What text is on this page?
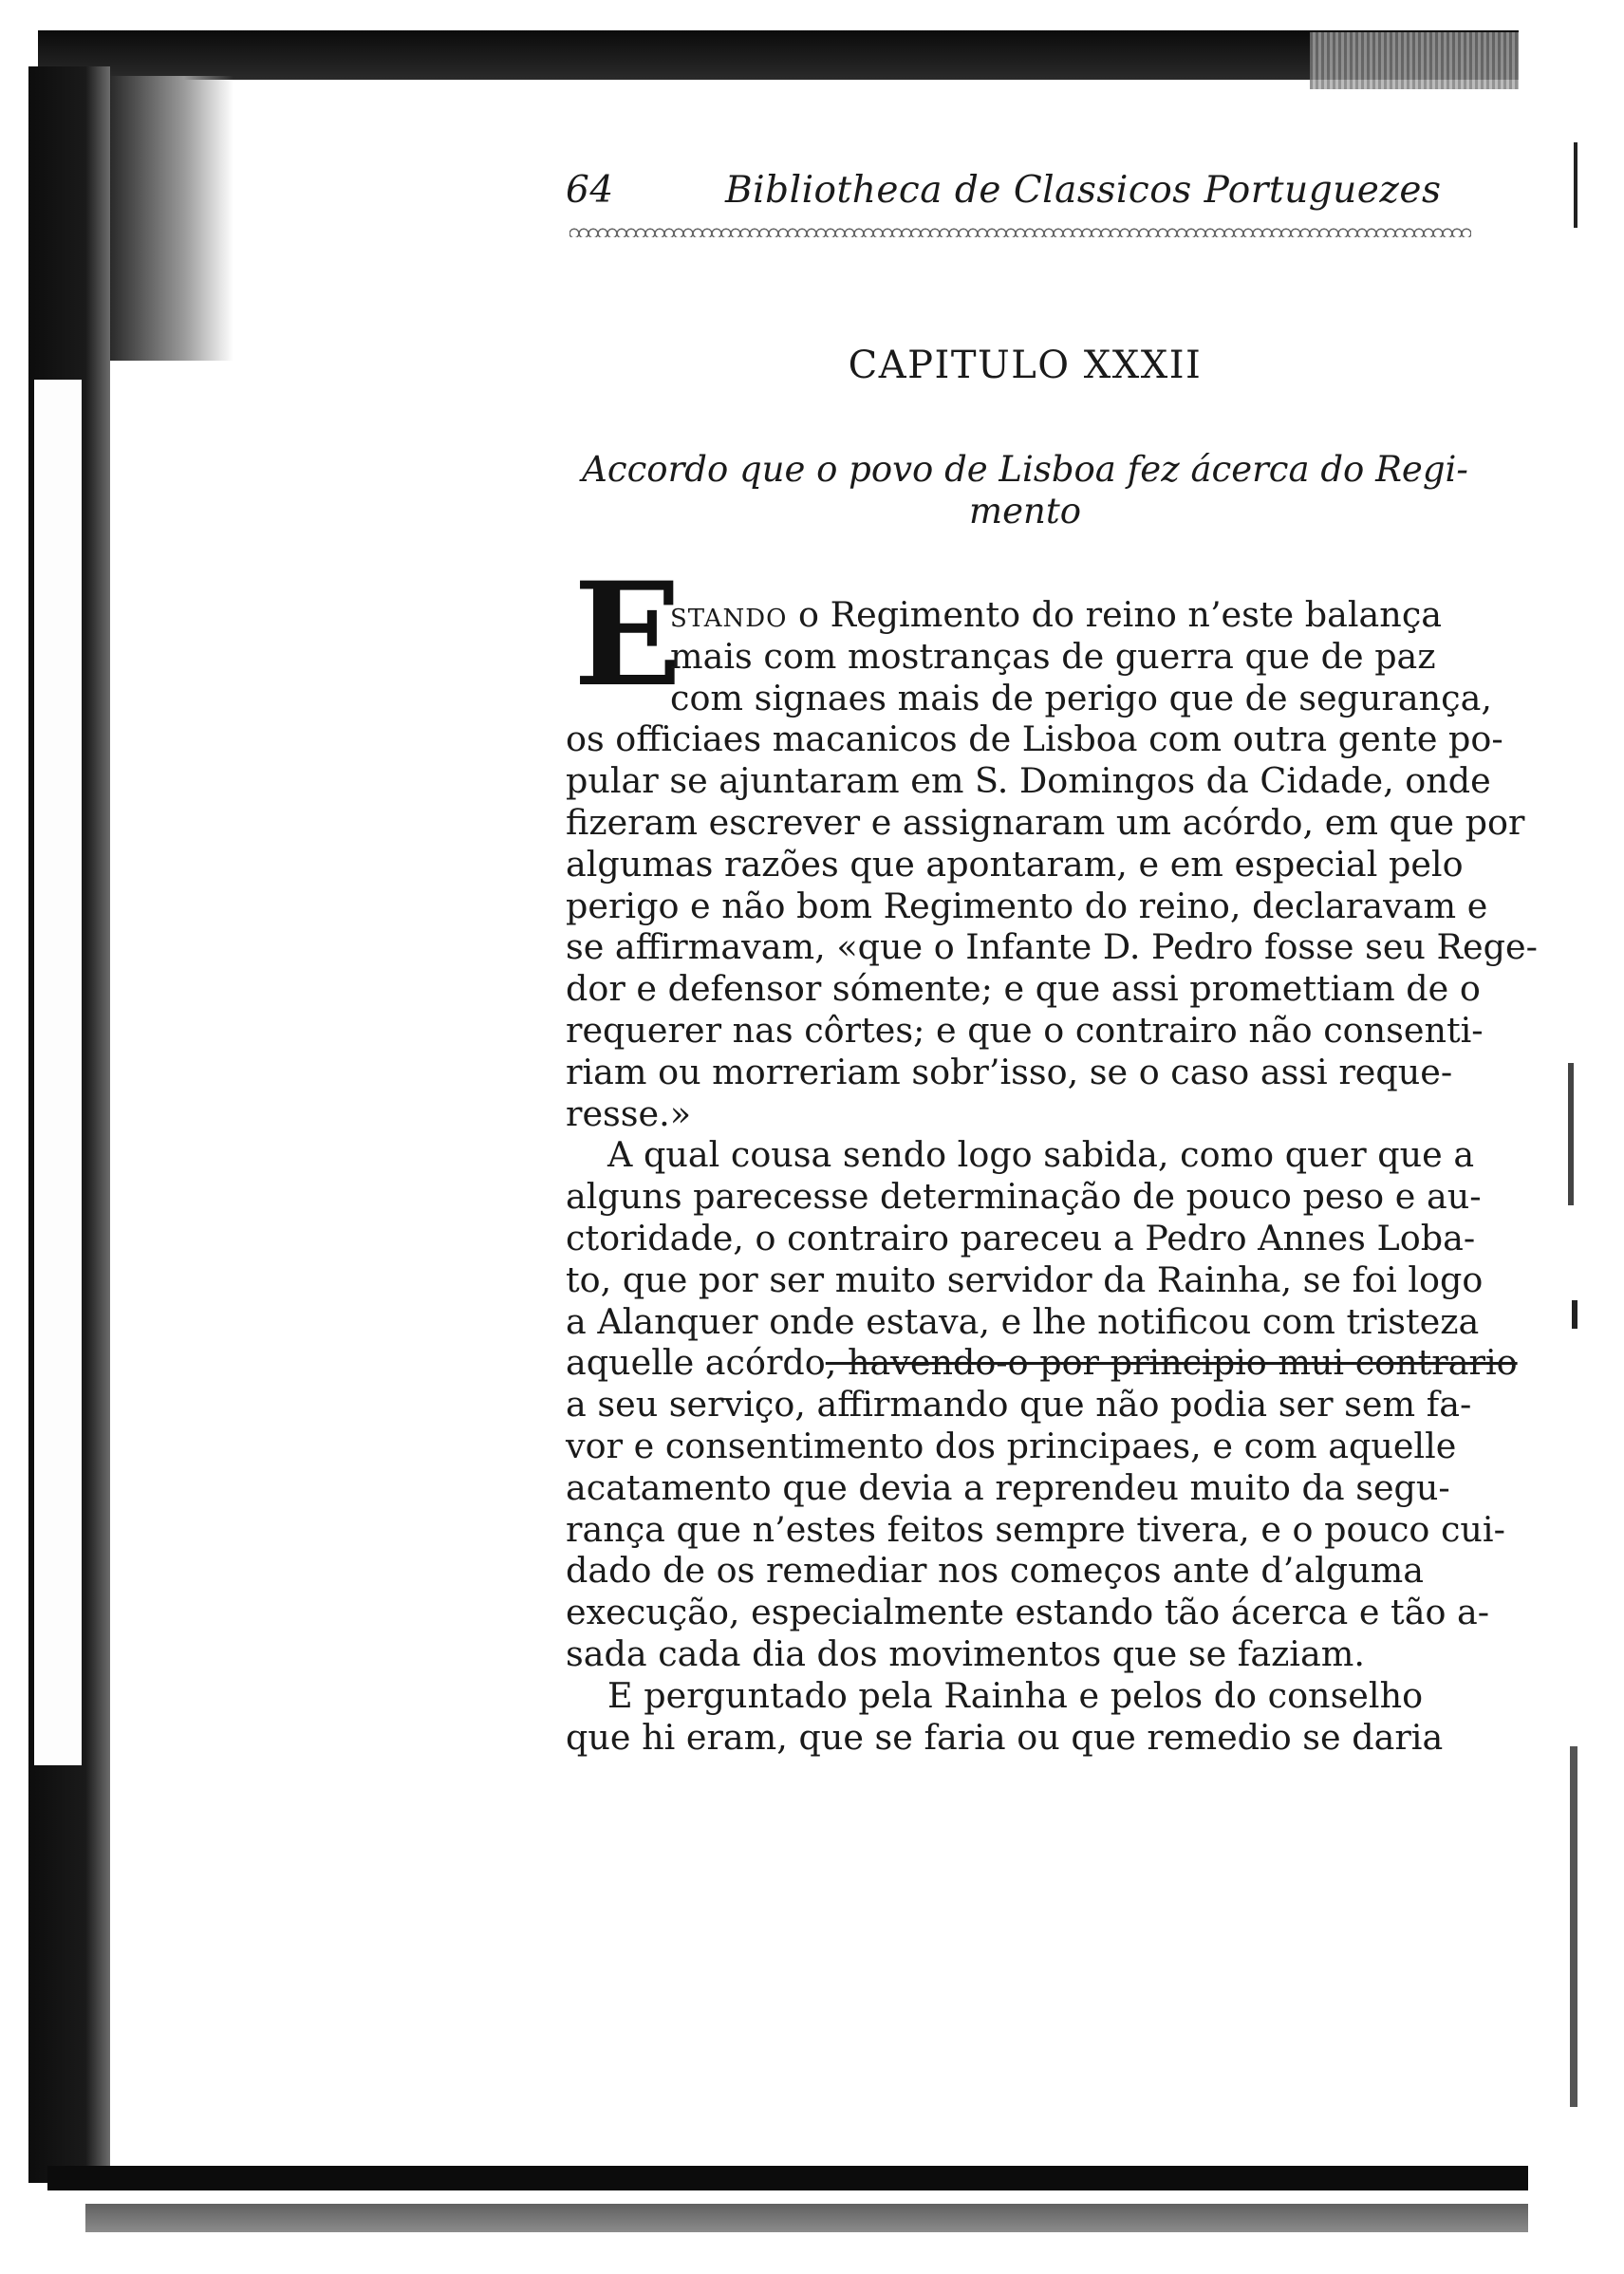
64	Bibliotheca de Classicos Portuguezes
CAPITULO XXXII
Accordo que o povo de Lisboa fez ácerca do Regi-
mento
E
stando o Regimento do reino n’este balança
mais com mostranças de guerra que de paz
com signaes mais de perigo que de segurança,
os officiaes macanicos de Lisboa com outra gente po-
pular se ajuntaram em S. Domingos da Cidade, onde
fizeram escrever e assignaram um acórdo, em que por
algumas razões que apontaram, e em especial pelo
perigo e não bom Regimento do reino, declaravam e
se affirmavam, «que o Infante D. Pedro fosse seu Rege-
dor e defensor sómente; e que assi promettiam de o
requerer nas côrtes; e que o contrairo não consenti-
riam ou morreriam sobr’isso, se o caso assi reque-
resse.»
A qual cousa sendo logo sabida, como quer que a
alguns parecesse determinação de pouco peso e au-
ctoridade, o contrairo pareceu a Pedro Annes Loba-
to, que por ser muito servidor da Rainha, se foi logo
a Alanquer onde estava, e lhe notificou com tristeza
aquelle acórdo, havendo-o por principio mui contrario
a seu serviço, affirmando que não podia ser sem fa-
vor e consentimento dos principaes, e com aquelle
acatamento que devia a reprendeu muito da segu-
rança que n’estes feitos sempre tivera, e o pouco cui-
dado de os remediar nos começos ante d’alguma
execução, especialmente estando tão ácerca e tão a-
sada cada dia dos movimentos que se faziam.
E perguntado pela Rainha e pelos do conselho
que hi eram, que se faria ou que remedio se daria
